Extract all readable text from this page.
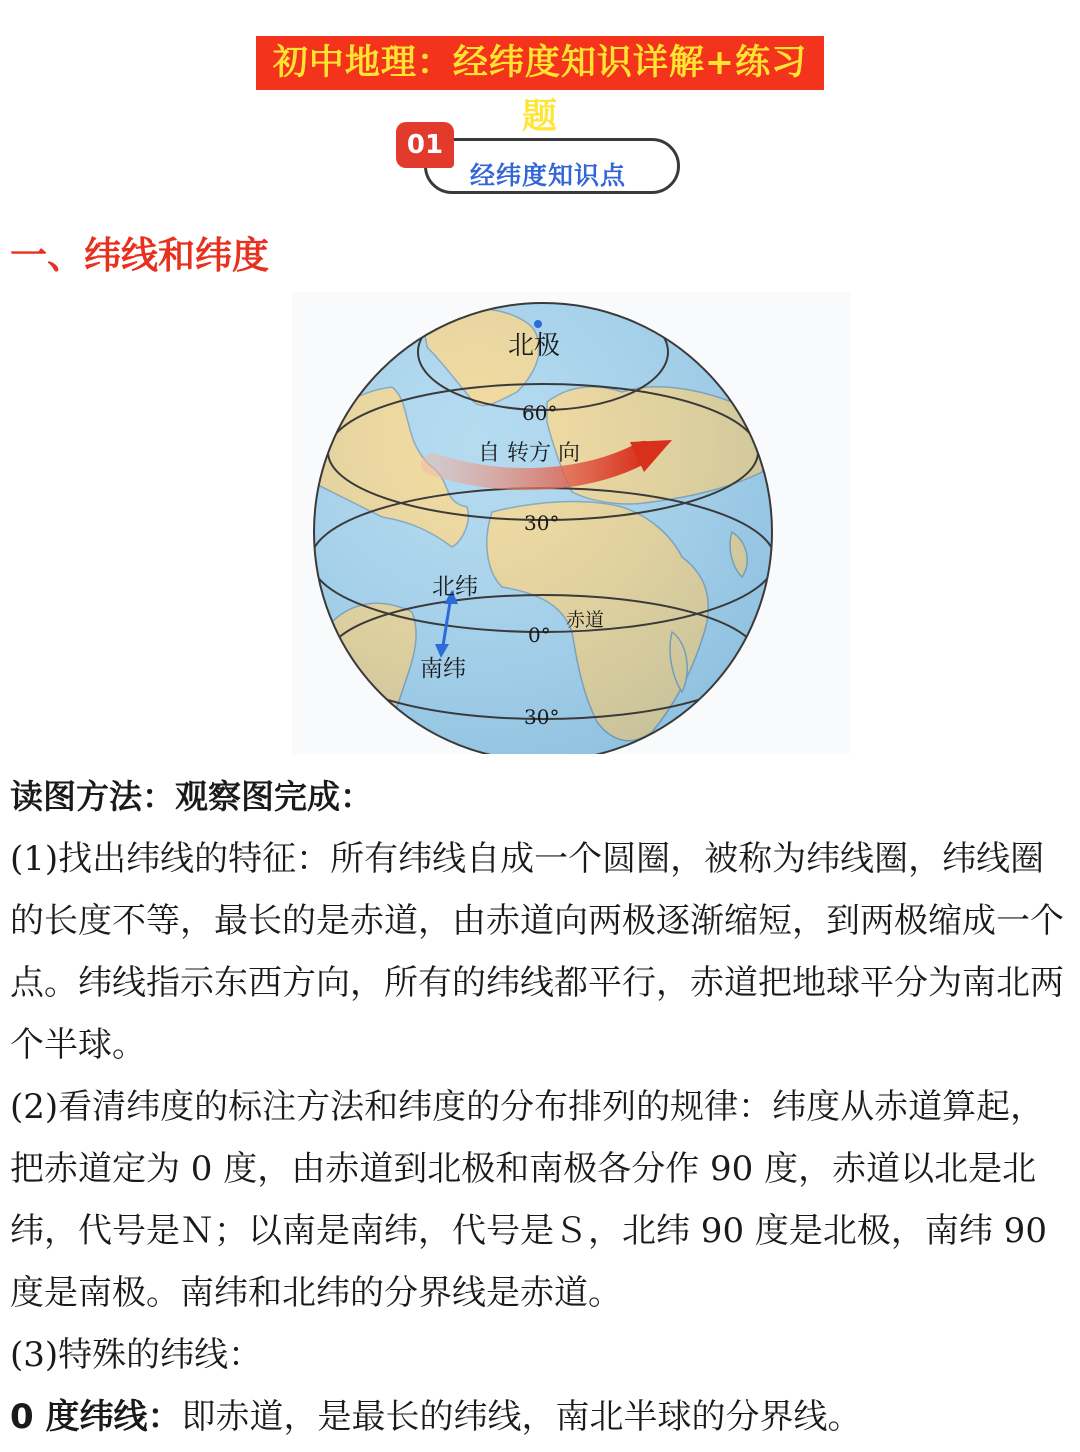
初中地理：经纬度知识详解+练习题
01
经纬度知识点
一、纬线和纬度
北极
60°
自 转方 向
30°
北纬
0°
赤道
南纬
30°

读图方法：观察图完成：

(1)找出纬线的特征：所有纬线自成一个圆圈，被称为纬线圈，纬线圈的长度不等，最长的是赤道，由赤道向两极逐渐缩短，到两极缩成一个点。纬线指示东西方向，所有的纬线都平行，赤道把地球平分为南北两个半球。

(2)看清纬度的标注方法和纬度的分布排列的规律：纬度从赤道算起，把赤道定为 0 度，由赤道到北极和南极各分作 90 度，赤道以北是北纬，代号是Ｎ；以南是南纬，代号是Ｓ，北纬 90 度是北极，南纬 90 度是南极。南纬和北纬的分界线是赤道。

(3)特殊的纬线：

0 度纬线：即赤道，是最长的纬线，南北半球的分界线。
